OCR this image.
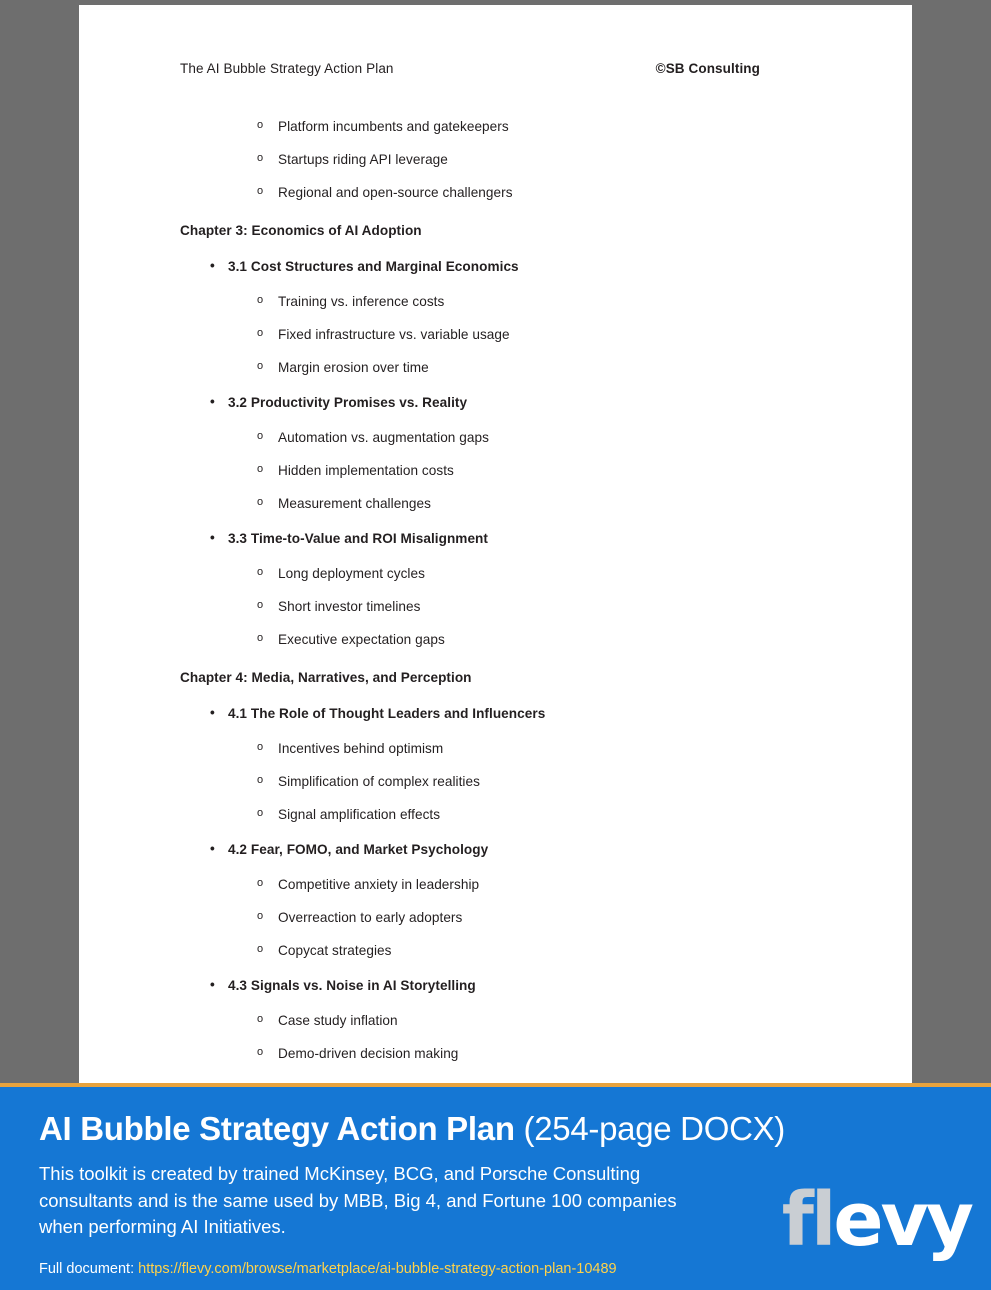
The AI Bubble Strategy Action Plan	©SB Consulting
o Platform incumbents and gatekeepers
o Startups riding API leverage
o Regional and open-source challengers
Chapter 3: Economics of AI Adoption
• 3.1 Cost Structures and Marginal Economics
o Training vs. inference costs
o Fixed infrastructure vs. variable usage
o Margin erosion over time
• 3.2 Productivity Promises vs. Reality
o Automation vs. augmentation gaps
o Hidden implementation costs
o Measurement challenges
• 3.3 Time-to-Value and ROI Misalignment
o Long deployment cycles
o Short investor timelines
o Executive expectation gaps
Chapter 4: Media, Narratives, and Perception
• 4.1 The Role of Thought Leaders and Influencers
o Incentives behind optimism
o Simplification of complex realities
o Signal amplification effects
• 4.2 Fear, FOMO, and Market Psychology
o Competitive anxiety in leadership
o Overreaction to early adopters
o Copycat strategies
• 4.3 Signals vs. Noise in AI Storytelling
o Case study inflation
o Demo-driven decision making
AI Bubble Strategy Action Plan (254-page DOCX)
This toolkit is created by trained McKinsey, BCG, and Porsche Consulting consultants and is the same used by MBB, Big 4, and Fortune 100 companies when performing AI Initiatives.
Full document: https://flevy.com/browse/marketplace/ai-bubble-strategy-action-plan-10489
flevy
